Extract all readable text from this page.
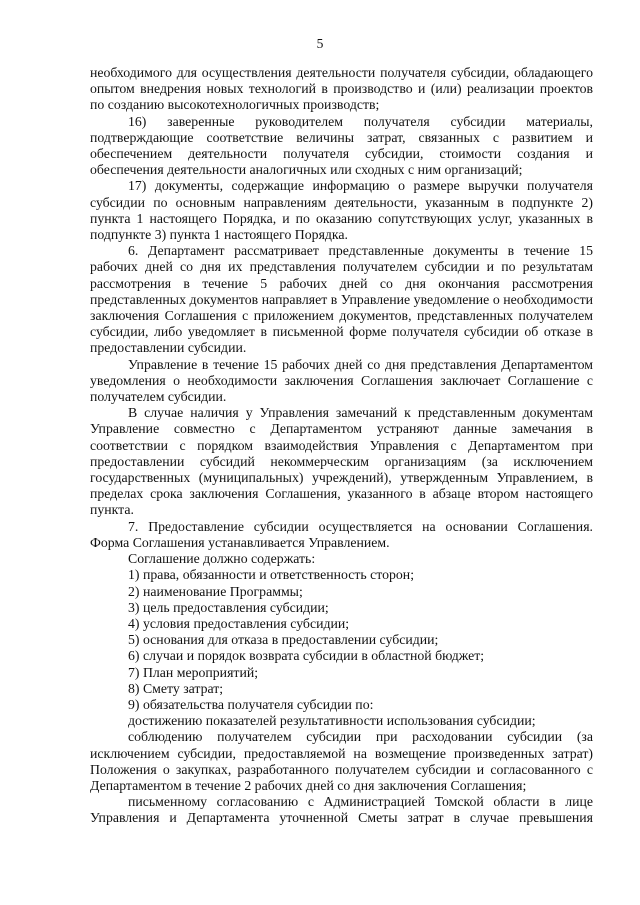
5

необходимого для осуществления деятельности получателя субсидии, обладающего опытом внедрения новых технологий в производство и (или) реализации проектов по созданию высокотехнологичных производств;

16) заверенные руководителем получателя субсидии материалы, подтверждающие соответствие величины затрат, связанных с развитием и обеспечением деятельности получателя субсидии, стоимости создания и обеспечения деятельности аналогичных или сходных с ним организаций;

17) документы, содержащие информацию о размере выручки получателя субсидии по основным направлениям деятельности, указанным в подпункте 2) пункта 1 настоящего Порядка, и по оказанию сопутствующих услуг, указанных в подпункте 3) пункта 1 настоящего Порядка.

6. Департамент рассматривает представленные документы в течение 15 рабочих дней со дня их представления получателем субсидии и по результатам рассмотрения в течение 5 рабочих дней со дня окончания рассмотрения представленных документов направляет в Управление уведомление о необходимости заключения Соглашения с приложением документов, представленных получателем субсидии, либо уведомляет в письменной форме получателя субсидии об отказе в предоставлении субсидии.

Управление в течение 15 рабочих дней со дня представления Департаментом уведомления о необходимости заключения Соглашения заключает Соглашение с получателем субсидии.

В случае наличия у Управления замечаний к представленным документам Управление совместно с Департаментом устраняют данные замечания в соответствии с порядком взаимодействия Управления с Департаментом при предоставлении субсидий некоммерческим организациям (за исключением государственных (муниципальных) учреждений), утвержденным Управлением, в пределах срока заключения Соглашения, указанного в абзаце втором настоящего пункта.

7. Предоставление субсидии осуществляется на основании Соглашения. Форма Соглашения устанавливается Управлением.

Соглашение должно содержать:

1) права, обязанности и ответственность сторон;

2) наименование Программы;

3) цель предоставления субсидии;

4) условия предоставления субсидии;

5) основания для отказа в предоставлении субсидии;

6) случаи и порядок возврата субсидии в областной бюджет;

7) План мероприятий;

8) Смету затрат;

9) обязательства получателя субсидии по:

достижению показателей результативности использования субсидии;

соблюдению получателем субсидии при расходовании субсидии (за исключением субсидии, предоставляемой на возмещение произведенных затрат) Положения о закупках, разработанного получателем субсидии и согласованного с Департаментом в течение 2 рабочих дней со дня заключения Соглашения;

письменному согласованию с Администрацией Томской области в лице Управления и Департамента уточненной Сметы затрат в случае превышения
